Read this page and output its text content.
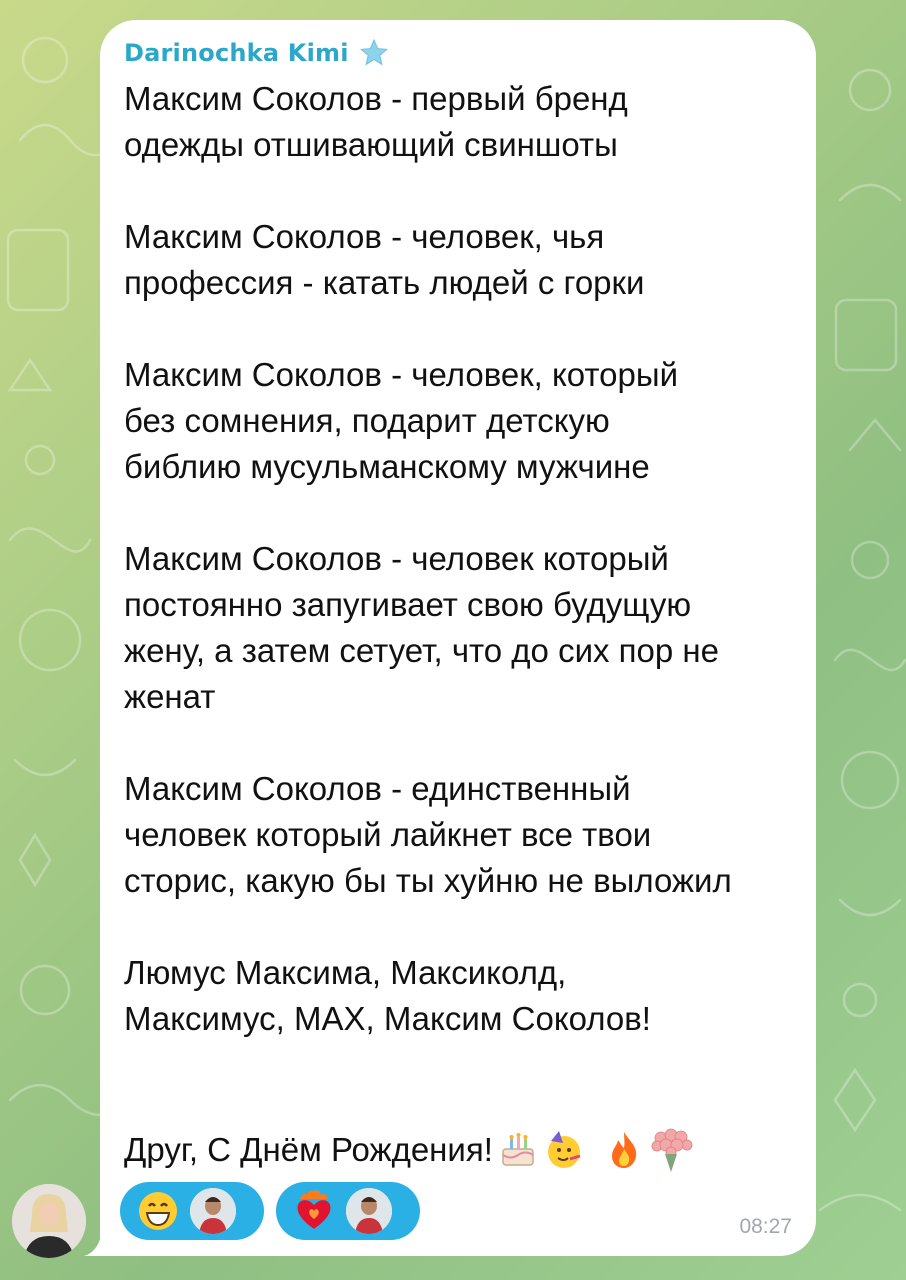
Darinochka Kimi

Максим Соколов - первый бренд
одежды отшивающий свиншоты

Максим Соколов - человек, чья
профессия - катать людей с горки

Максим Соколов - человек, который
без сомнения, подарит детскую
библию мусульманскому мужчине

Максим Соколов - человек который
постоянно запугивает свою будущую
жену, а затем сетует, что до сих пор не
женат

Максим Соколов - единственный
человек который лайкнет все твои
сторис, какую бы ты хуйню не выложил

Люмус Максима, Максиколд,
Максимус, MAX, Максим Соколов!

Друг, С Днём Рождения!
08:27
